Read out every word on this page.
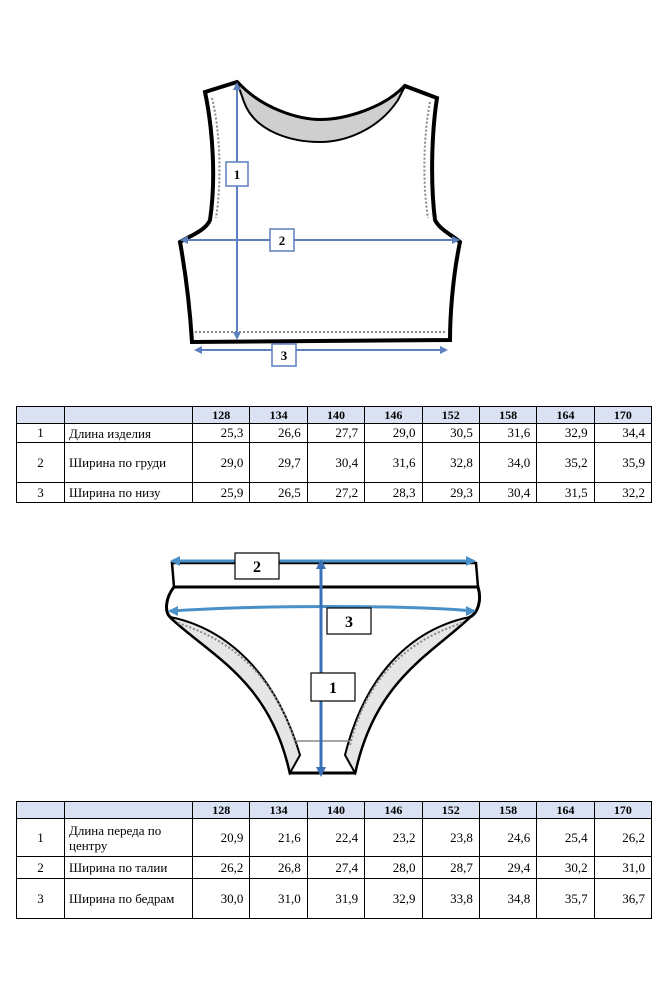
1
2
3
		128	134	140	146	152	158	164	170
1	Длина изделия	25,3	26,6	27,7	29,0	30,5	31,6	32,9	34,4
2	Ширина по груди	29,0	29,7	30,4	31,6	32,8	34,0	35,2	35,9
3	Ширина по низу	25,9	26,5	27,2	28,3	29,3	30,4	31,5	32,2
2
3
1
		128	134	140	146	152	158	164	170
1	Длина переда по центру	20,9	21,6	22,4	23,2	23,8	24,6	25,4	26,2
2	Ширина по талии	26,2	26,8	27,4	28,0	28,7	29,4	30,2	31,0
3	Ширина по бедрам	30,0	31,0	31,9	32,9	33,8	34,8	35,7	36,7
